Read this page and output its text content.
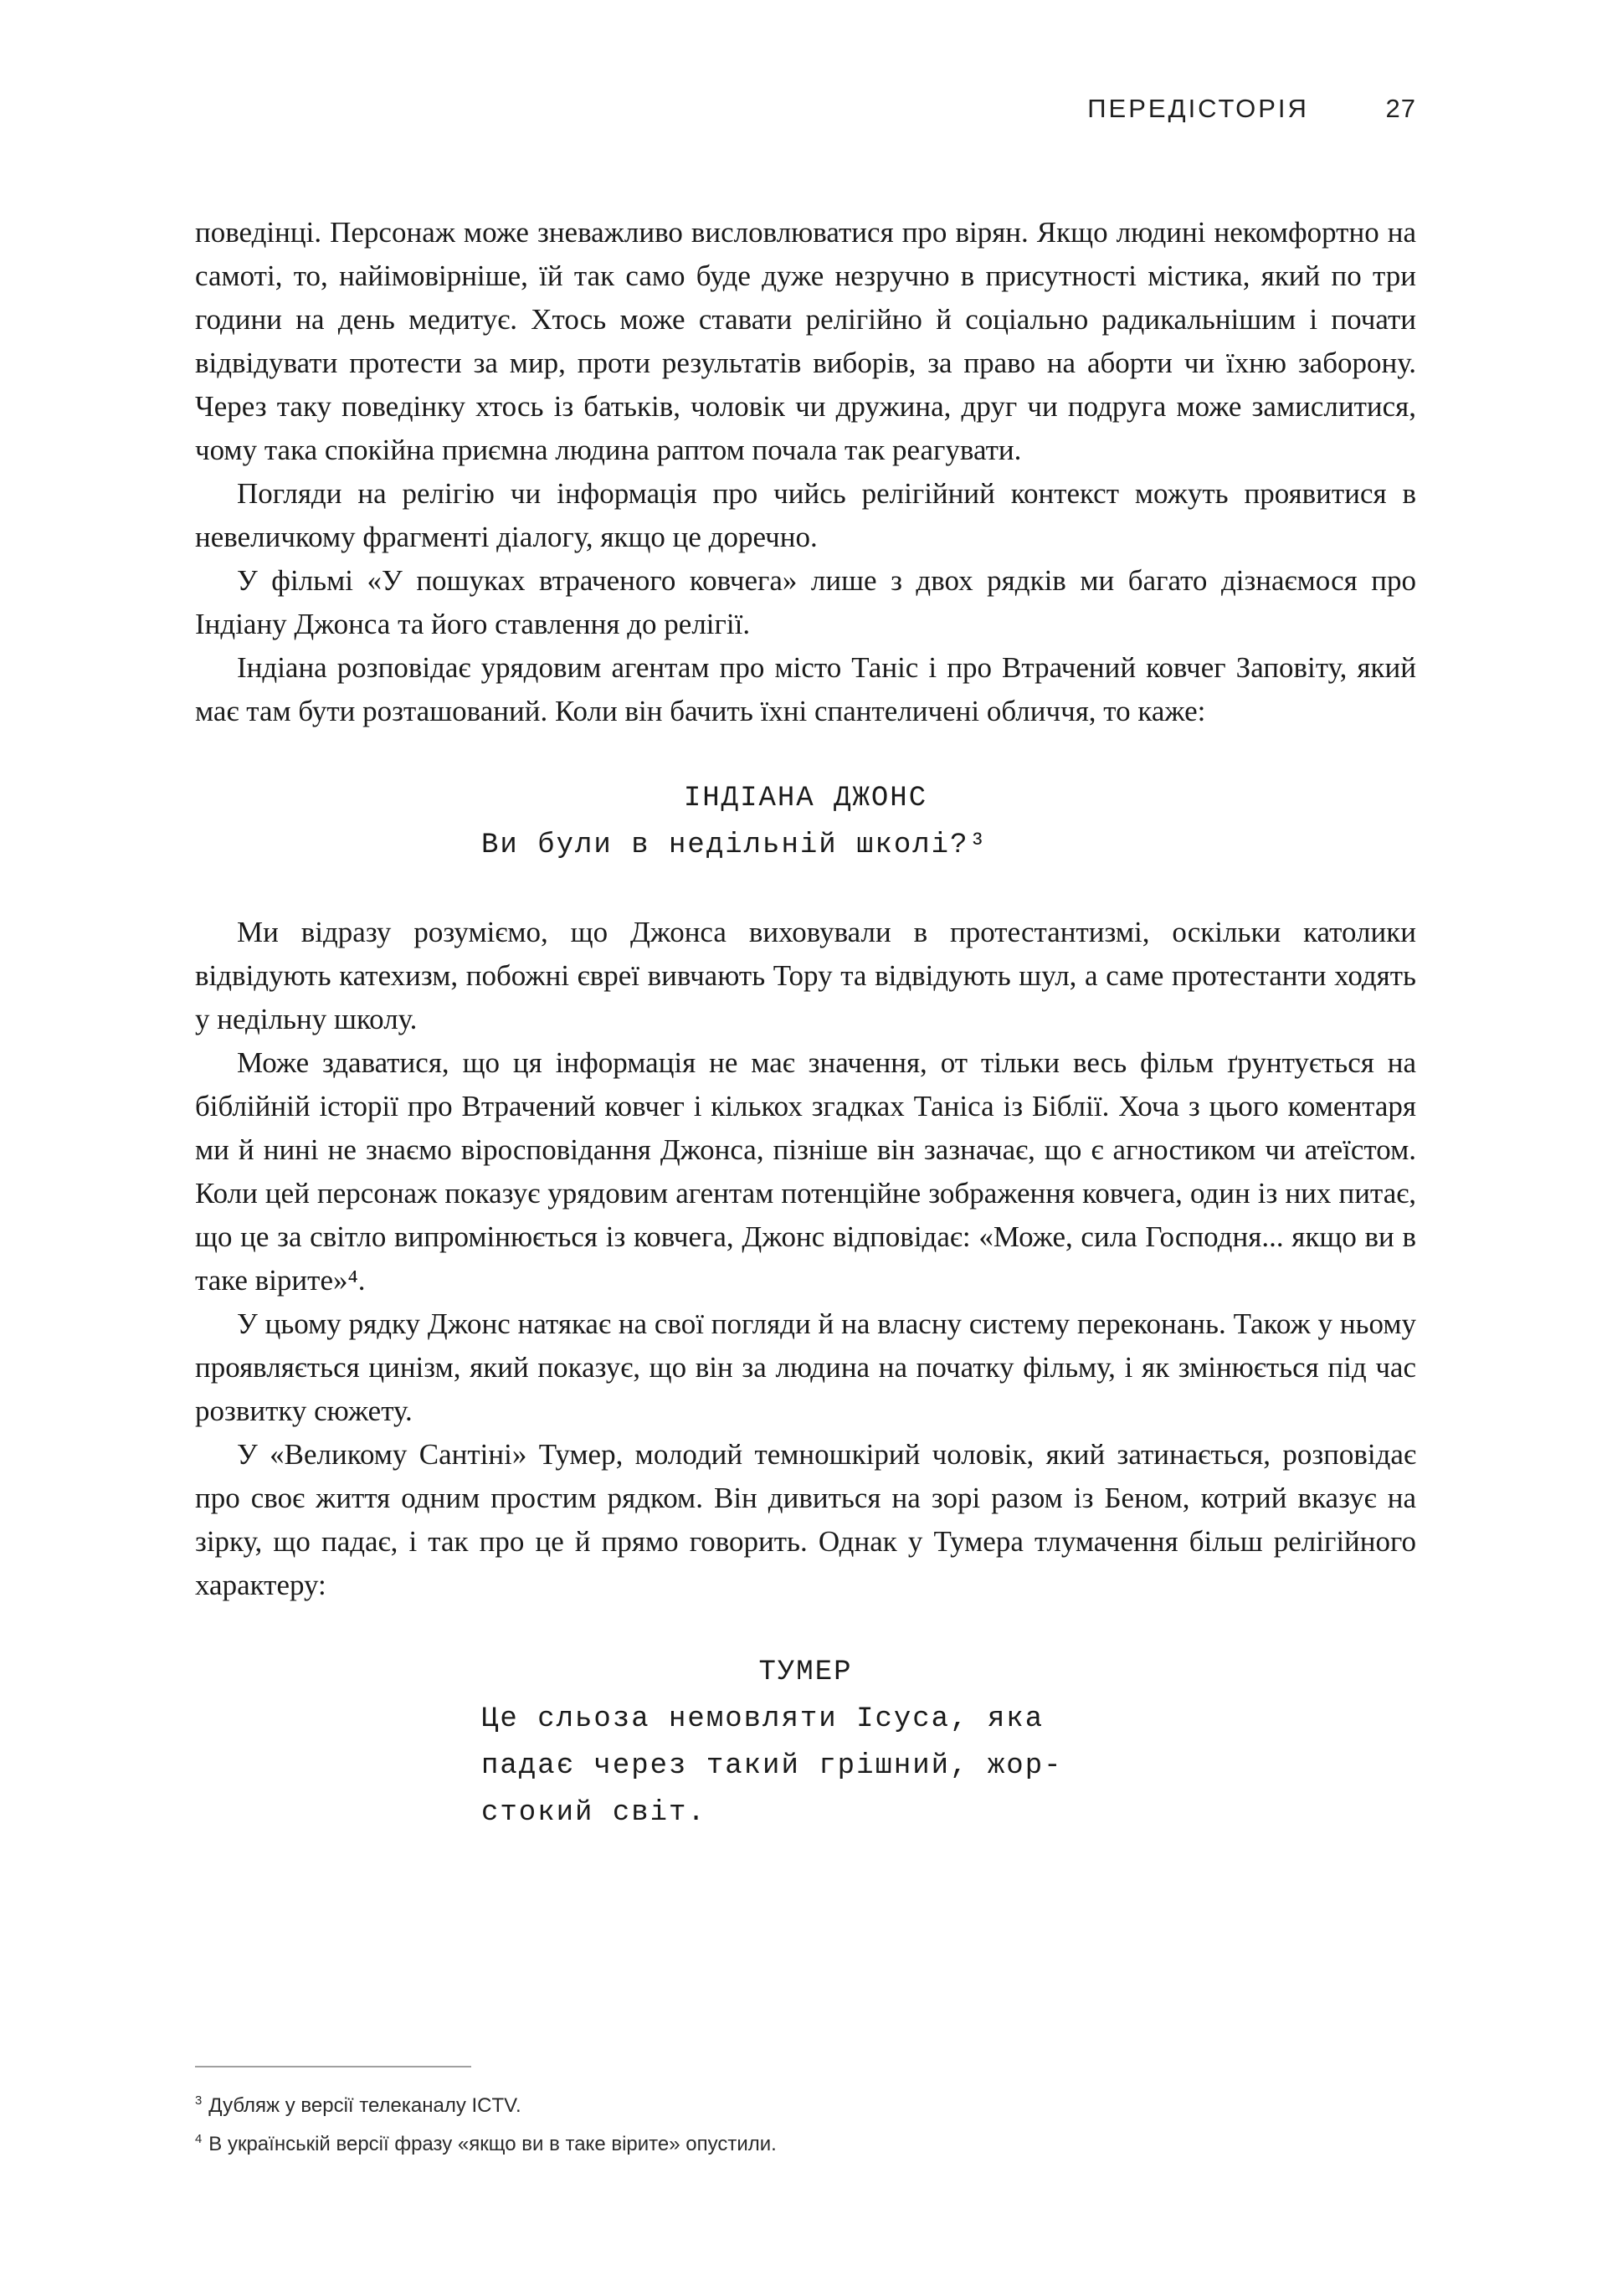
ПЕРЕДІСТОРІЯ	27

поведінці. Персонаж може зневажливо висловлюватися про вірян. Якщо людині некомфортно на самоті, то, найімовірніше, їй так само буде дуже незручно в присутності містика, який по три години на день медитує. Хтось може ставати релігійно й соціально радикальнішим і почати відвідувати протести за мир, проти результатів виборів, за право на аборти чи їхню заборону. Через таку поведінку хтось із батьків, чоловік чи дружина, друг чи подруга може замислитися, чому така спокійна приємна людина раптом почала так реагувати.

Погляди на релігію чи інформація про чийсь релігійний контекст можуть проявитися в невеличкому фрагменті діалогу, якщо це доречно.

У фільмі «У пошуках втраченого ковчега» лише з двох рядків ми багато дізнаємося про Індіану Джонса та його ставлення до релігії.

Індіана розповідає урядовим агентам про місто Таніс і про Втрачений ковчег Заповіту, який має там бути розташований. Коли він бачить їхні спантеличені обличчя, то каже:

ІНДІАНА ДЖОНС
Ви були в недільній школі?³

Ми відразу розуміємо, що Джонса виховували в протестантизмі, оскільки католики відвідують катехизм, побожні євреї вивчають Тору та відвідують шул, а саме протестанти ходять у недільну школу.

Може здаватися, що ця інформація не має значення, от тільки весь фільм ґрунтується на біблійній історії про Втрачений ковчег і кількох згадках Таніса із Біблії. Хоча з цього коментаря ми й нині не знаємо віросповідання Джонса, пізніше він зазначає, що є агностиком чи атеїстом. Коли цей персонаж показує урядовим агентам потенційне зображення ковчега, один із них питає, що це за світло випромінюється із ковчега, Джонс відповідає: «Може, сила Господня... якщо ви в таке вірите»⁴.

У цьому рядку Джонс натякає на свої погляди й на власну систему переконань. Також у ньому проявляється цинізм, який показує, що він за людина на початку фільму, і як змінюється під час розвитку сюжету.

У «Великому Сантіні» Тумер, молодий темношкірий чоловік, який затинається, розповідає про своє життя одним простим рядком. Він дивиться на зорі разом із Беном, котрий вказує на зірку, що падає, і так про це й прямо говорить. Однак у Тумера тлумачення більш релігійного характеру:

ТУМЕР
Це сльоза немовляти Ісуса, яка
падає через такий грішний, жор-
стокий світ.

$^3$ Дубляж у версії телеканалу ICTV.

$^4$ В українській версії фразу «якщо ви в таке вірите» опустили.
